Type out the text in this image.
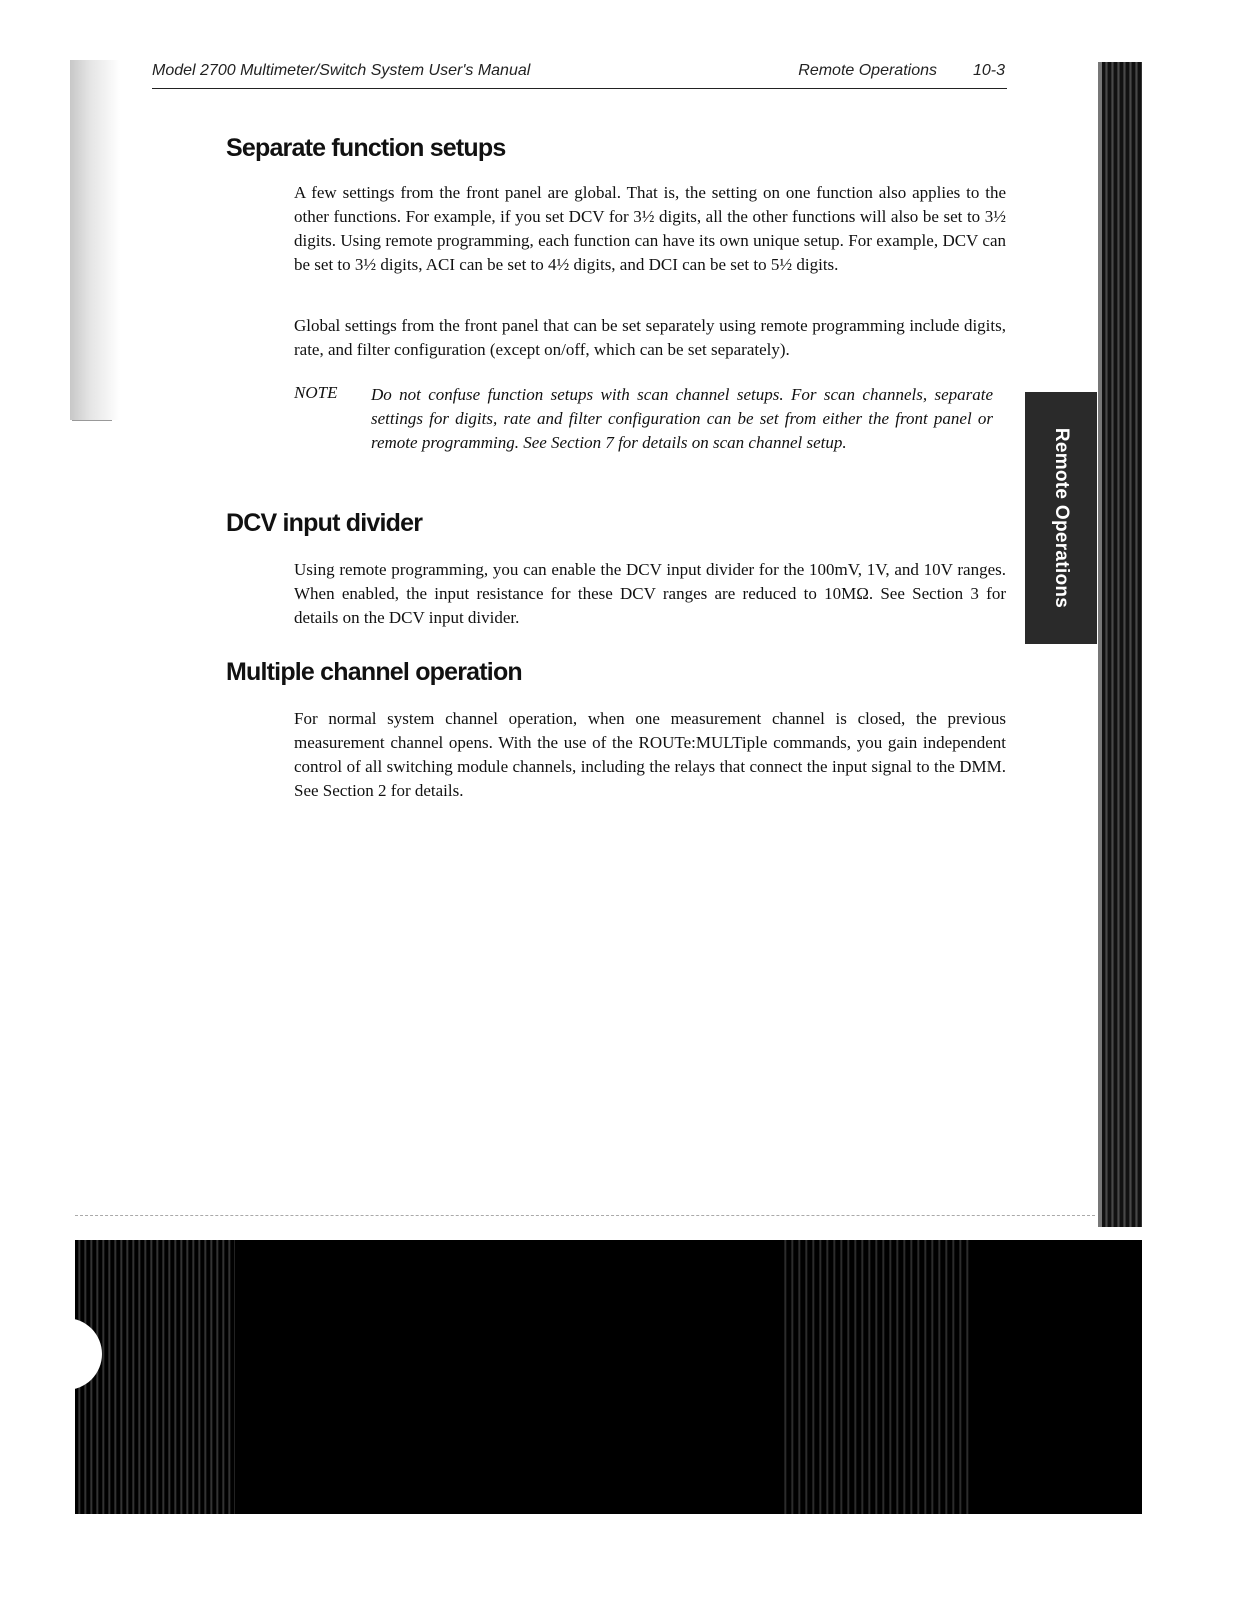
Model 2700 Multimeter/Switch System User's Manual	Remote Operations 10-3
Remote Operations
Separate function setups

A few settings from the front panel are global. That is, the setting on one function also applies to the other functions. For example, if you set DCV for 3½ digits, all the other functions will also be set to 3½ digits. Using remote programming, each function can have its own unique setup. For example, DCV can be set to 3½ digits, ACI can be set to 4½ digits, and DCI can be set to 5½ digits.

Global settings from the front panel that can be set separately using remote programming include digits, rate, and filter configuration (except on/off, which can be set separately).

NOTE Do not confuse function setups with scan channel setups. For scan channels, separate settings for digits, rate and filter configuration can be set from either the front panel or remote programming. See Section 7 for details on scan channel setup.

DCV input divider

Using remote programming, you can enable the DCV input divider for the 100mV, 1V, and 10V ranges. When enabled, the input resistance for these DCV ranges are reduced to 10MΩ. See Section 3 for details on the DCV input divider.

Multiple channel operation

For normal system channel operation, when one measurement channel is closed, the previous measurement channel opens. With the use of the ROUTe:MULTiple commands, you gain independent control of all switching module channels, including the relays that connect the input signal to the DMM. See Section 2 for details.
